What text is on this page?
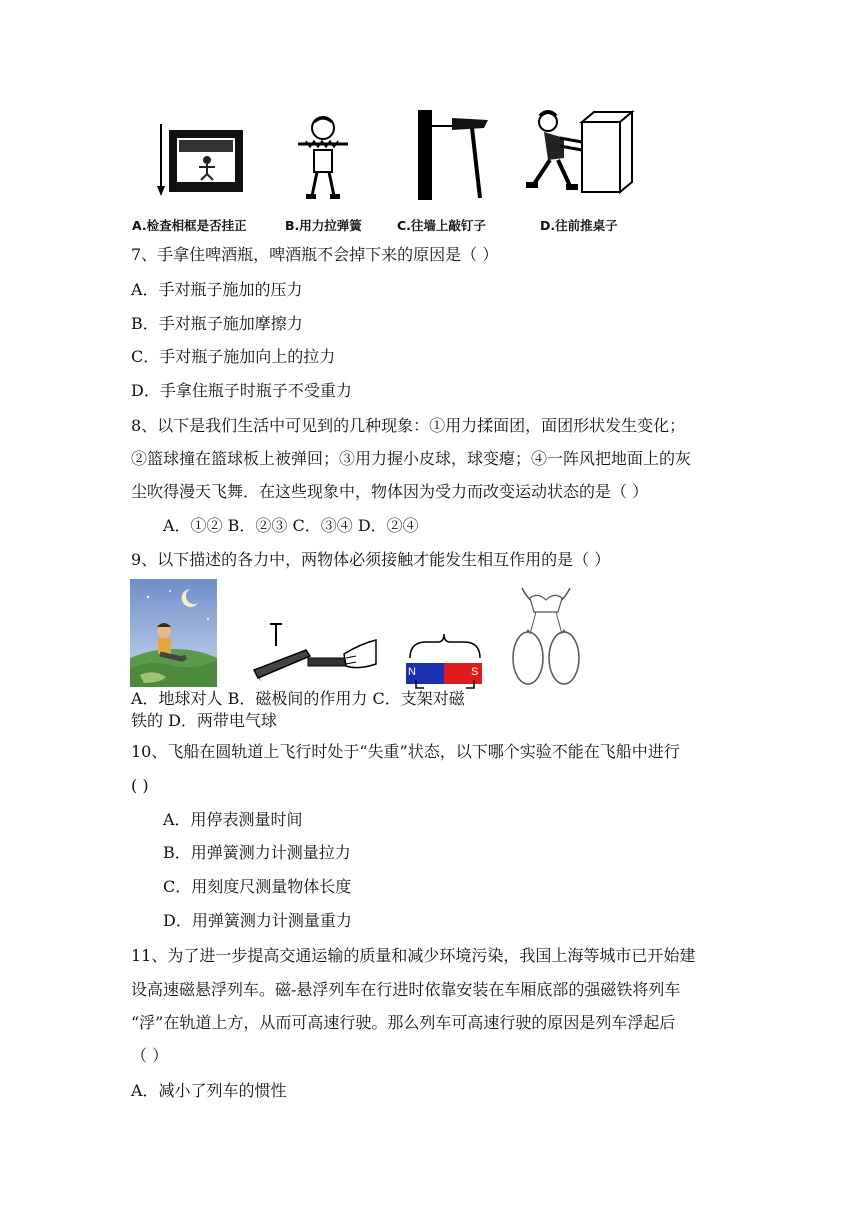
A.检查相框是否挂正	B.用力拉弹簧	C.往墙上敲钉子	D.往前推桌子
7、手拿住啤酒瓶，啤酒瓶不会掉下来的原因是（ ）
A．手对瓶子施加的压力
B．手对瓶子施加摩擦力
C．手对瓶子施加向上的拉力
D．手拿住瓶子时瓶子不受重力
8、以下是我们生活中可见到的几种现象：①用力揉面团，面团形状发生变化；
②篮球撞在篮球板上被弹回；③用力握小皮球，球变瘪；④一阵风把地面上的灰
尘吹得漫天飞舞．在这些现象中，物体因为受力而改变运动状态的是（ ）
A．①② B．②③ C．③④ D．②④
9、以下描述的各力中，两物体必须接触才能发生相互作用的是（ ）
N	S
A．地球对人 B．磁极间的作用力 C．支架对磁
铁的 D．两带电气球
10、飞船在圆轨道上飞行时处于“失重”状态，以下哪个实验不能在飞船中进行
( )
A．用停表测量时间
B．用弹簧测力计测量拉力
C．用刻度尺测量物体长度
D．用弹簧测力计测量重力
11、为了进一步提高交通运输的质量和减少环境污染，我国上海等城市已开始建
设高速磁悬浮列车。磁-悬浮列车在行进时依靠安装在车厢底部的强磁铁将列车
“浮”在轨道上方，从而可高速行驶。那么列车可高速行驶的原因是列车浮起后
（ ）
A．减小了列车的惯性
